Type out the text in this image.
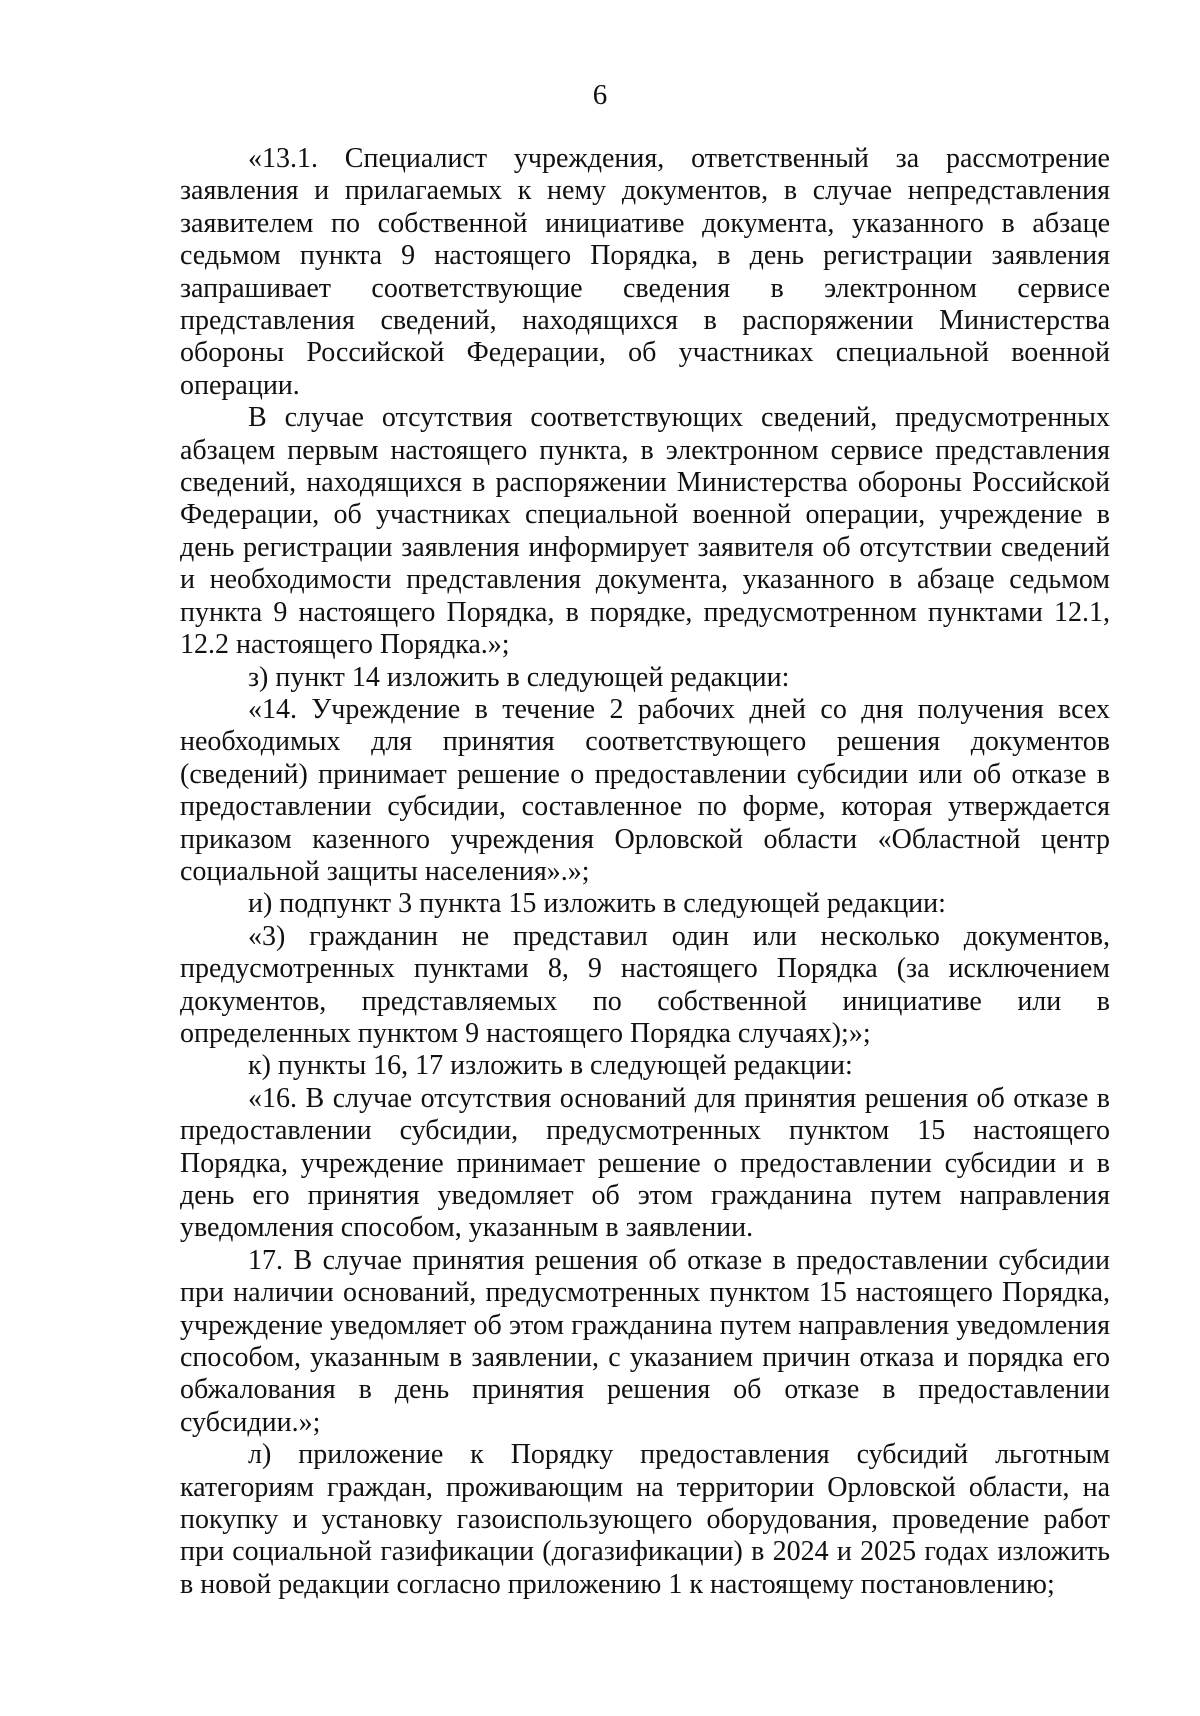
6

«13.1. Специалист учреждения, ответственный за рассмотрение заявления и прилагаемых к нему документов, в случае непредставления заявителем по собственной инициативе документа, указанного в абзаце седьмом пункта 9 настоящего Порядка, в день регистрации заявления запрашивает соответствующие сведения в электронном сервисе представления сведений, находящихся в распоряжении Министерства обороны Российской Федерации, об участниках специальной военной операции.

В случае отсутствия соответствующих сведений, предусмотренных абзацем первым настоящего пункта, в электронном сервисе представления сведений, находящихся в распоряжении Министерства обороны Российской Федерации, об участниках специальной военной операции, учреждение в день регистрации заявления информирует заявителя об отсутствии сведений и необходимости представления документа, указанного в абзаце седьмом пункта 9 настоящего Порядка, в порядке, предусмотренном пунктами 12.1, 12.2 настоящего Порядка.»;

з) пункт 14 изложить в следующей редакции:

«14. Учреждение в течение 2 рабочих дней со дня получения всех необходимых для принятия соответствующего решения документов (сведений) принимает решение о предоставлении субсидии или об отказе в предоставлении субсидии, составленное по форме, которая утверждается приказом казенного учреждения Орловской области «Областной центр социальной защиты населения».»;

и) подпункт 3 пункта 15 изложить в следующей редакции:

«3) гражданин не представил один или несколько документов, предусмотренных пунктами 8, 9 настоящего Порядка (за исключением документов, представляемых по собственной инициативе или в определенных пунктом 9 настоящего Порядка случаях);»;

к) пункты 16, 17 изложить в следующей редакции:

«16. В случае отсутствия оснований для принятия решения об отказе в предоставлении субсидии, предусмотренных пунктом 15 настоящего Порядка, учреждение принимает решение о предоставлении субсидии и в день его принятия уведомляет об этом гражданина путем направления уведомления способом, указанным в заявлении.

17. В случае принятия решения об отказе в предоставлении субсидии при наличии оснований, предусмотренных пунктом 15 настоящего Порядка, учреждение уведомляет об этом гражданина путем направления уведомления способом, указанным в заявлении, с указанием причин отказа и порядка его обжалования в день принятия решения об отказе в предоставлении субсидии.»;

л) приложение к Порядку предоставления субсидий льготным категориям граждан, проживающим на территории Орловской области, на покупку и установку газоиспользующего оборудования, проведение работ при социальной газификации (догазификации) в 2024 и 2025 годах изложить в новой редакции согласно приложению 1 к настоящему постановлению;
